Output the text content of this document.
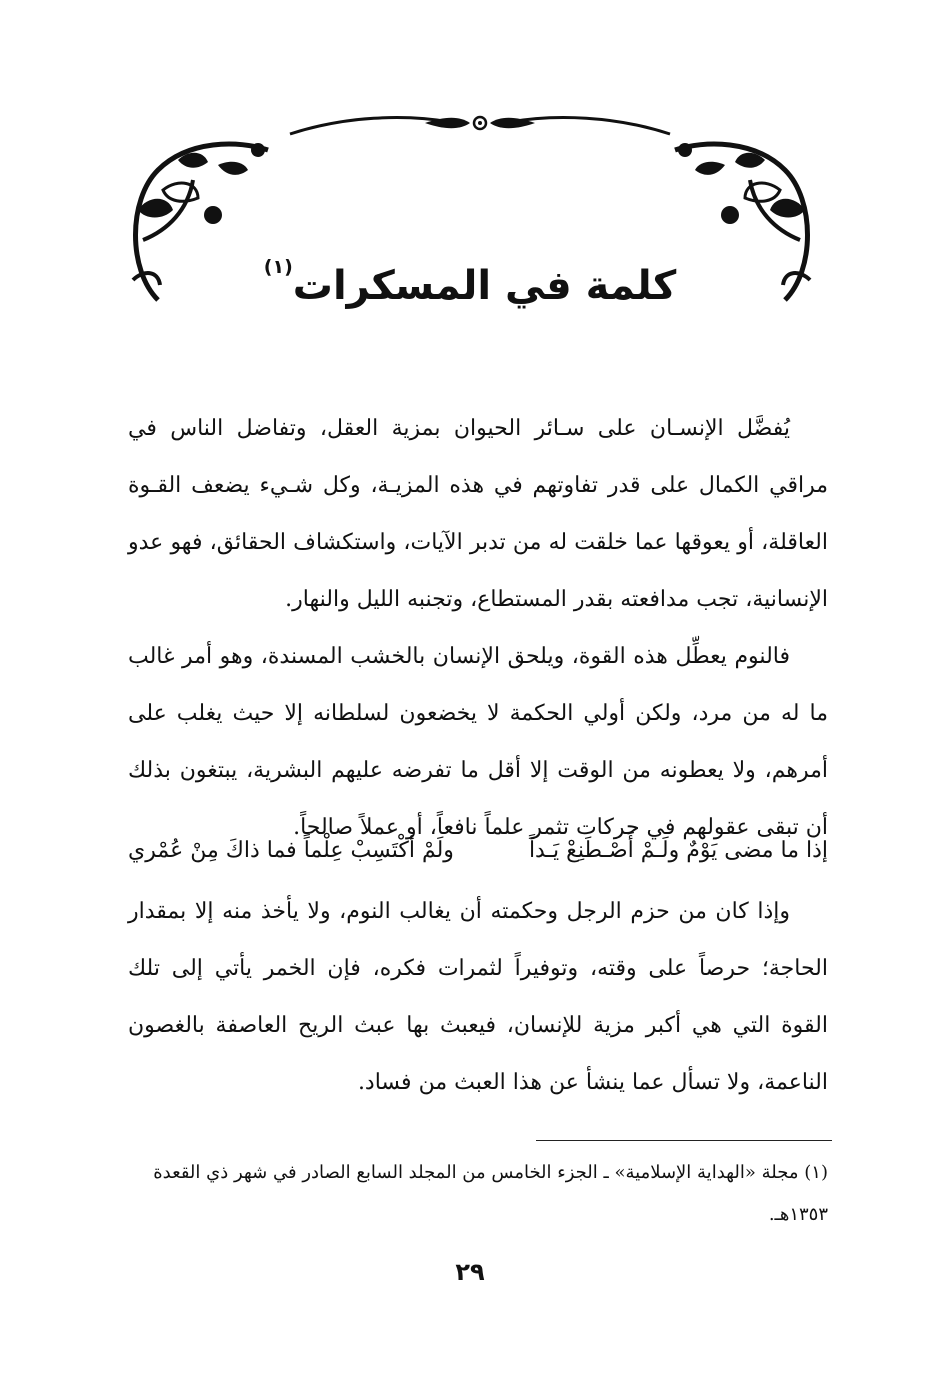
كلمة في المسكرات$^{(١)}$

يُفضَّل الإنسـان على سـائر الحيوان بمزية العقل، وتفاضل الناس في مراقي الكمال على قدر تفاوتهم في هذه المزيـة، وكل شـيء يضعف القـوة العاقلة، أو يعوقها عما خلقت له من تدبر الآيات، واستكشاف الحقائق، فهو عدو الإنسانية، تجب مدافعته بقدر المستطاع، وتجنبه الليل والنهار.

فالنوم يعطِّل هذه القوة، ويلحق الإنسان بالخشب المسندة، وهو أمر غالب ما له من مرد، ولكن أولي الحكمة لا يخضعون لسلطانه إلا حيث يغلب على أمرهم، ولا يعطونه من الوقت إلا أقل ما تفرضه عليهم البشرية، يبتغون بذلك أن تبقى عقولهم في حركات تثمر علماً نافعاً، أو عملاً صالحاً.

إذا ما مضى يَوْمٌ ولَـمْ أَصْـطَنِعْ يَـداً
ولَمْ أكْتَسِبْ عِلْماً فما ذاكَ مِنْ عُمْري

وإذا كان من حزم الرجل وحكمته أن يغالب النوم، ولا يأخذ منه إلا بمقدار الحاجة؛ حرصاً على وقته، وتوفيراً لثمرات فكره، فإن الخمر يأتي إلى تلك القوة التي هي أكبر مزية للإنسان، فيعبث بها عبث الريح العاصفة بالغصون الناعمة، ولا تسأل عما ينشأ عن هذا العبث من فساد.

(١) مجلة «الهداية الإسلامية» ـ الجزء الخامس من المجلد السابع الصادر في شهر ذي القعدة ١٣٥٣هـ.
٢٩
